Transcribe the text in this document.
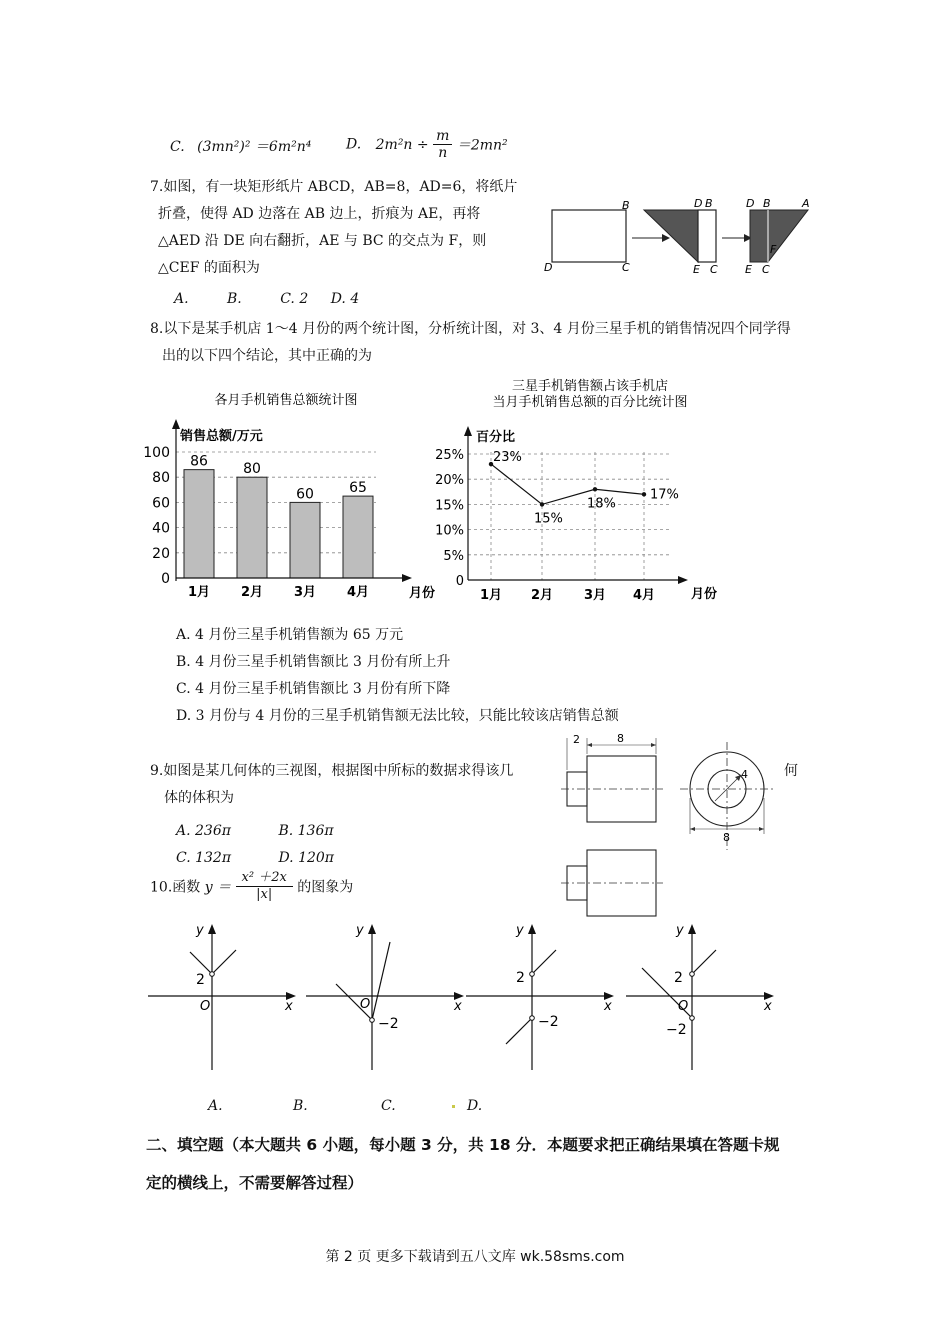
C. (3mn²)² ＝6m²n⁴ D. $2m^2n \div \frac{m}{n} =2mn^2$
7.如图，有一块矩形纸片 ABCD，AB=8，AD=6，将纸片
折叠，使得 AD 边落在 AB 边上，折痕为 AE，再将
△AED 沿 DE 向右翻折，AE 与 BC 的交点为 F，则
△CEF 的面积为
A.	B.	C. 2 D. 4
D
B
C
D B
E C
D B	A
F
E C
8.以下是某手机店 1～4 月份的两个统计图，分析统计图，对 3、4 月份三星手机的销售情况四个同学得
出的以下四个结论，其中正确的为
各月手机销售总额统计图
销售总额/万元
月份
0
20
40
60
80
100
1月 2月 3月 4月
86	80
60	65
三星手机销售额占该手机店
当月手机销售总额的百分比统计图
百分比
月份
0
5%
10%
15%
20%
25%
1月 2月 3月 4月
23%
15%
18%
17%
A. 4 月份三星手机销售额为 65 万元
B. 4 月份三星手机销售额比 3 月份有所上升
C. 4 月份三星手机销售额比 3 月份有所下降
D. 3 月份与 4 月份的三星手机销售额无法比较，只能比较该店销售总额
9.如图是某几何体的三视图，根据图中所标的数据求得该几
体的体积为
何
A. 236π	B. 136π
C. 132π	D. 120π
2	8
4
8
10.函数 $y = \frac{\text{x² ＋2x}}{|x|}$ 的图象为
y
x
O
2
y
x
O
−2
y
x
2
−2
y
x
O
2
−2
A.	B.	C.	D.
二、填空题（本大题共 6 小题，每小题 3 分，共 18 分．本题要求把正确结果填在答题卡规
定的横线上，不需要解答过程）
第 2 页 更多下载请到五八文库 wk.58sms.com
